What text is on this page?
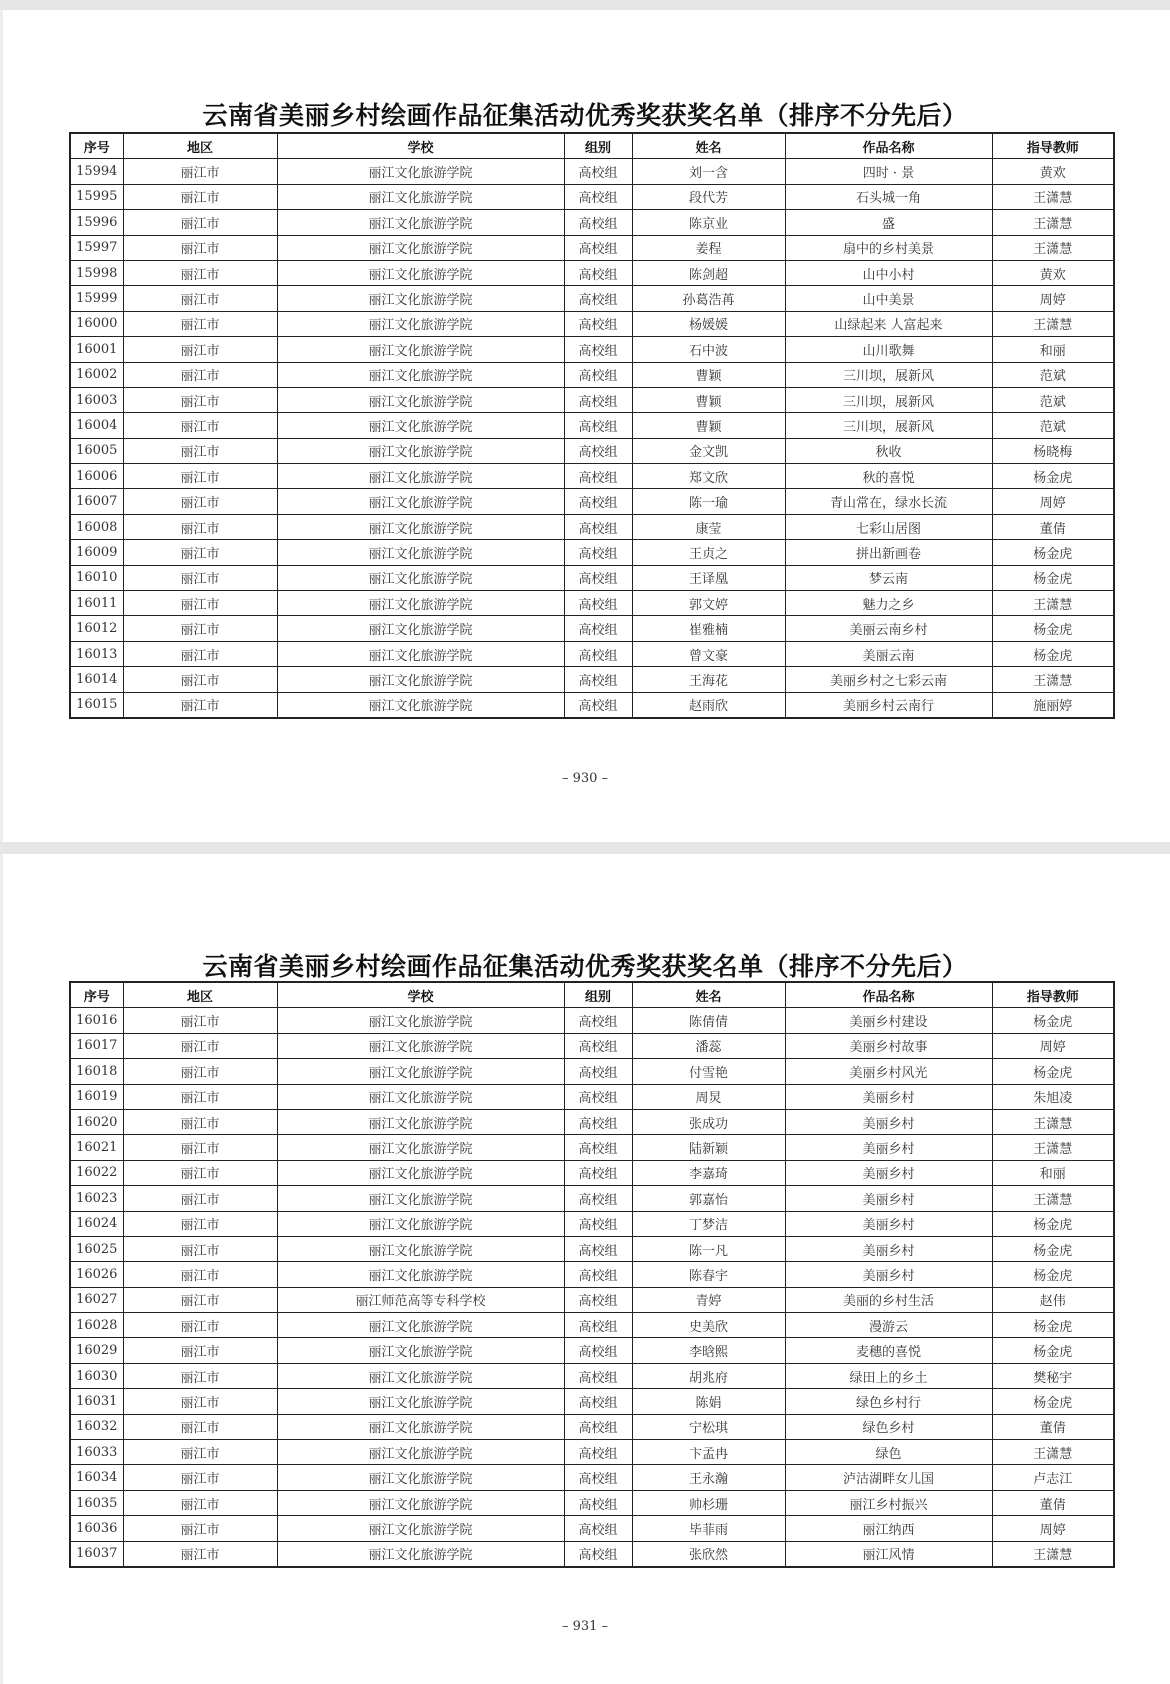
云南省美丽乡村绘画作品征集活动优秀奖获奖名单（排序不分先后）
序号	地区	学校	组别	姓名	作品名称	指导教师
15994	丽江市	丽江文化旅游学院	高校组	刘一含	四时 · 景	黄欢
15995	丽江市	丽江文化旅游学院	高校组	段代芳	石头城一角	王潇慧
15996	丽江市	丽江文化旅游学院	高校组	陈京业	盛	王潇慧
15997	丽江市	丽江文化旅游学院	高校组	姜程	扇中的乡村美景	王潇慧
15998	丽江市	丽江文化旅游学院	高校组	陈剑超	山中小村	黄欢
15999	丽江市	丽江文化旅游学院	高校组	孙葛浩苒	山中美景	周婷
16000	丽江市	丽江文化旅游学院	高校组	杨媛媛	山绿起来 人富起来	王潇慧
16001	丽江市	丽江文化旅游学院	高校组	石中波	山川歌舞	和丽
16002	丽江市	丽江文化旅游学院	高校组	曹颖	三川坝，展新风	范斌
16003	丽江市	丽江文化旅游学院	高校组	曹颖	三川坝，展新风	范斌
16004	丽江市	丽江文化旅游学院	高校组	曹颖	三川坝，展新风	范斌
16005	丽江市	丽江文化旅游学院	高校组	金文凯	秋收	杨晓梅
16006	丽江市	丽江文化旅游学院	高校组	郑文欣	秋的喜悦	杨金虎
16007	丽江市	丽江文化旅游学院	高校组	陈一瑜	青山常在，绿水长流	周婷
16008	丽江市	丽江文化旅游学院	高校组	康莹	七彩山居图	董倩
16009	丽江市	丽江文化旅游学院	高校组	王贞之	拼出新画卷	杨金虎
16010	丽江市	丽江文化旅游学院	高校组	王译凰	梦云南	杨金虎
16011	丽江市	丽江文化旅游学院	高校组	郭文婷	魅力之乡	王潇慧
16012	丽江市	丽江文化旅游学院	高校组	崔雅楠	美丽云南乡村	杨金虎
16013	丽江市	丽江文化旅游学院	高校组	曾文豪	美丽云南	杨金虎
16014	丽江市	丽江文化旅游学院	高校组	王海花	美丽乡村之七彩云南	王潇慧
16015	丽江市	丽江文化旅游学院	高校组	赵雨欣	美丽乡村云南行	施丽婷
– 930 –
云南省美丽乡村绘画作品征集活动优秀奖获奖名单（排序不分先后）
序号	地区	学校	组别	姓名	作品名称	指导教师
16016	丽江市	丽江文化旅游学院	高校组	陈倩倩	美丽乡村建设	杨金虎
16017	丽江市	丽江文化旅游学院	高校组	潘蕊	美丽乡村故事	周婷
16018	丽江市	丽江文化旅游学院	高校组	付雪艳	美丽乡村风光	杨金虎
16019	丽江市	丽江文化旅游学院	高校组	周炅	美丽乡村	朱旭凌
16020	丽江市	丽江文化旅游学院	高校组	张成功	美丽乡村	王潇慧
16021	丽江市	丽江文化旅游学院	高校组	陆新颖	美丽乡村	王潇慧
16022	丽江市	丽江文化旅游学院	高校组	李嘉琦	美丽乡村	和丽
16023	丽江市	丽江文化旅游学院	高校组	郭嘉怡	美丽乡村	王潇慧
16024	丽江市	丽江文化旅游学院	高校组	丁梦洁	美丽乡村	杨金虎
16025	丽江市	丽江文化旅游学院	高校组	陈一凡	美丽乡村	杨金虎
16026	丽江市	丽江文化旅游学院	高校组	陈春宇	美丽乡村	杨金虎
16027	丽江市	丽江师范高等专科学校	高校组	青婷	美丽的乡村生活	赵伟
16028	丽江市	丽江文化旅游学院	高校组	史美欣	漫游云	杨金虎
16029	丽江市	丽江文化旅游学院	高校组	李晗熙	麦穗的喜悦	杨金虎
16030	丽江市	丽江文化旅游学院	高校组	胡兆府	绿田上的乡土	樊秘宇
16031	丽江市	丽江文化旅游学院	高校组	陈娟	绿色乡村行	杨金虎
16032	丽江市	丽江文化旅游学院	高校组	宁松琪	绿色乡村	董倩
16033	丽江市	丽江文化旅游学院	高校组	卞孟冉	绿色	王潇慧
16034	丽江市	丽江文化旅游学院	高校组	王永瀚	泸沽湖畔女儿国	卢志江
16035	丽江市	丽江文化旅游学院	高校组	帅杉珊	丽江乡村振兴	董倩
16036	丽江市	丽江文化旅游学院	高校组	毕菲雨	丽江纳西	周婷
16037	丽江市	丽江文化旅游学院	高校组	张欣然	丽江风情	王潇慧
– 931 –
